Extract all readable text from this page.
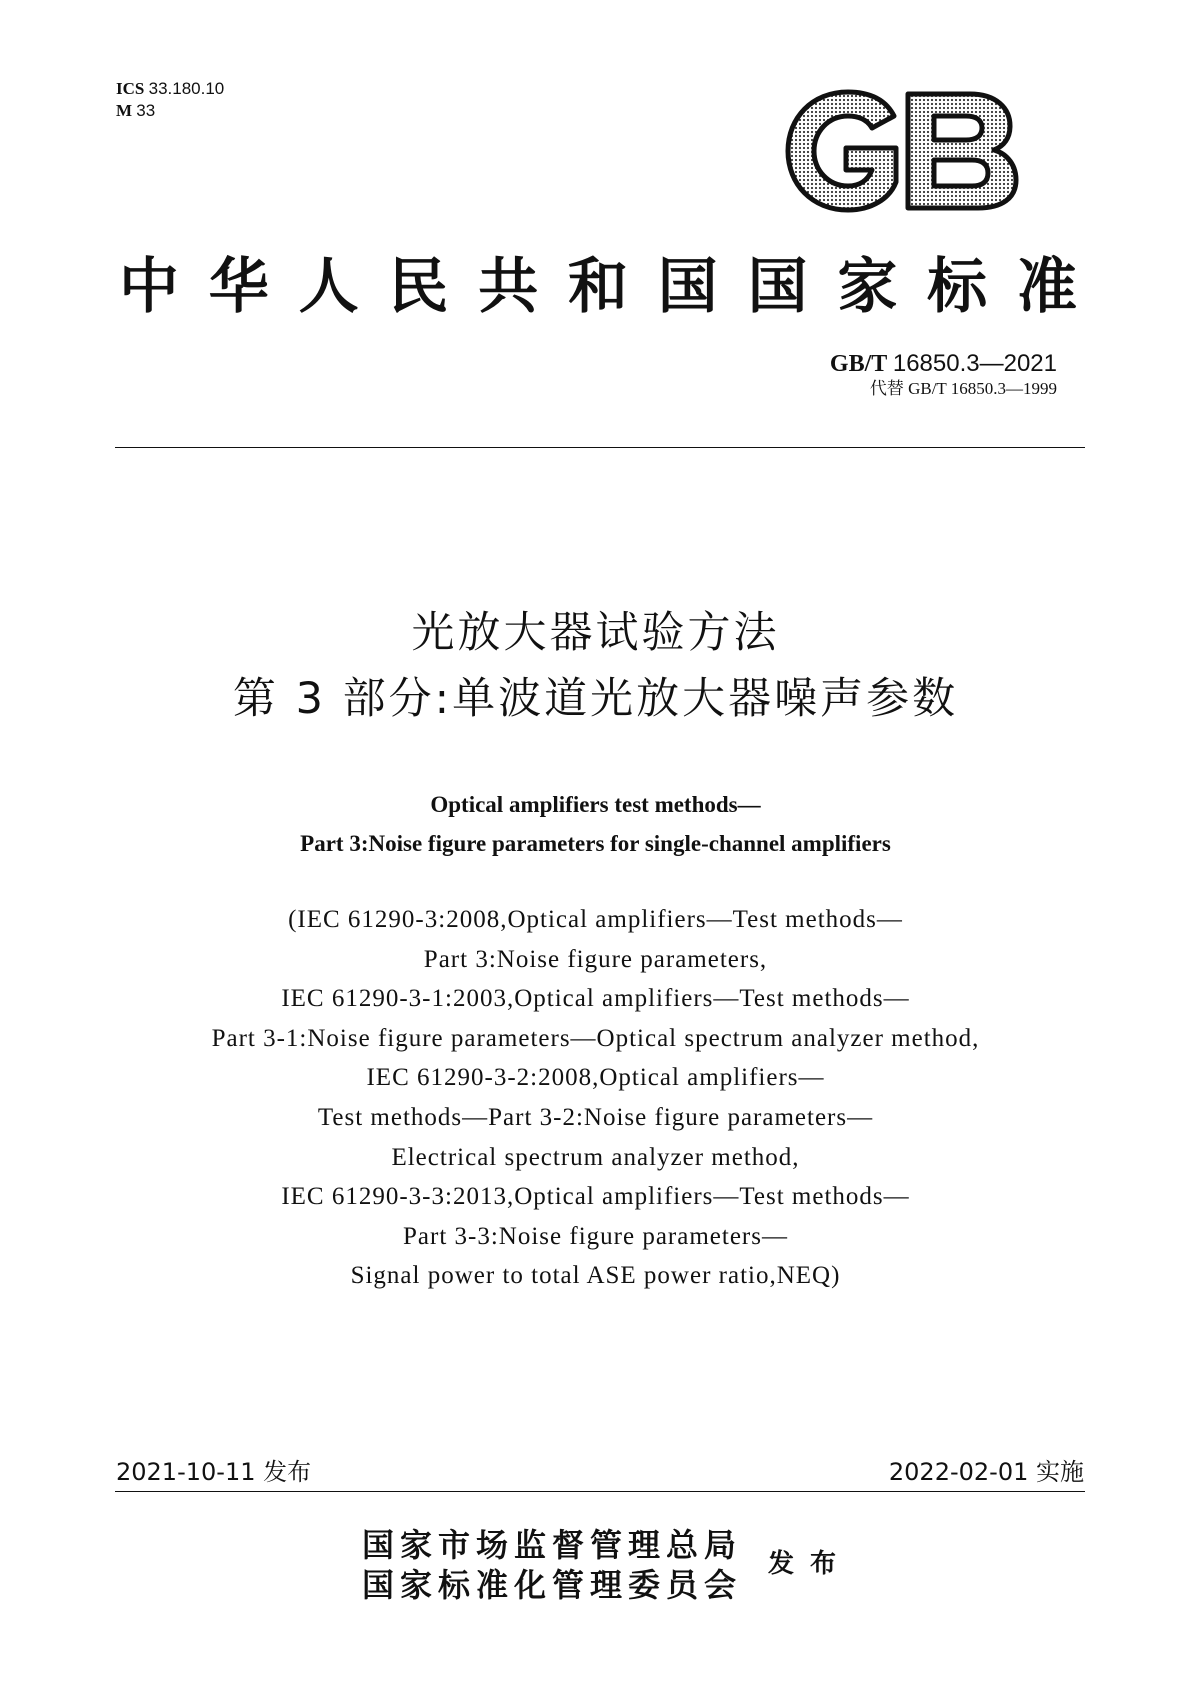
ICS 33.180.10
M 33
GB
中 华 人 民 共 和 国 国 家 标 准
GB/T 16850.3—2021
代替 GB/T 16850.3—1999
光放大器试验方法
第 3 部分:单波道光放大器噪声参数
Optical amplifiers test methods—
Part 3:Noise figure parameters for single-channel amplifiers
(IEC 61290-3:2008,Optical amplifiers—Test methods—
Part 3:Noise figure parameters,
IEC 61290-3-1:2003,Optical amplifiers—Test methods—
Part 3-1:Noise figure parameters—Optical spectrum analyzer method,
IEC 61290-3-2:2008,Optical amplifiers—
Test methods—Part 3-2:Noise figure parameters—
Electrical spectrum analyzer method,
IEC 61290-3-3:2013,Optical amplifiers—Test methods—
Part 3-3:Noise figure parameters—
Signal power to total ASE power ratio,NEQ)
2021-10-11 发布	2022-02-01 实施
国家市场监督管理总局
国家标准化管理委员会
发布
